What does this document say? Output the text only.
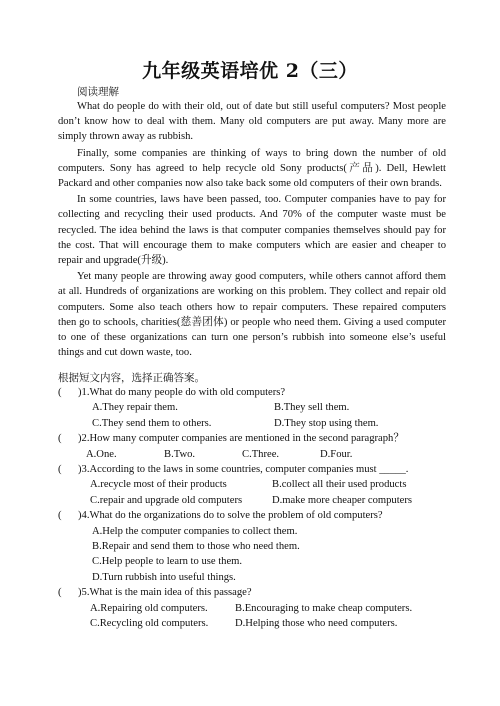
九年级英语培优 2（三）
阅读理解

What do people do with their old, out of date but still useful computers? Most people don’t know how to deal with them. Many old computers are put away. Many more are simply thrown away as rubbish.

Finally, some companies are thinking of ways to bring down the number of old computers. Sony has agreed to help recycle old Sony products(产品). Dell, Hewlett Packard and other companies now also take back some old computers of their own brands.

In some countries, laws have been passed, too. Computer companies have to pay for collecting and recycling their used products. And 70% of the computer waste must be recycled. The idea behind the laws is that computer companies themselves should pay for the cost. That will encourage them to make computers which are easier and cheaper to repair and upgrade(升级).

Yet many people are throwing away good computers, while others cannot afford them at all. Hundreds of organizations are working on this problem. They collect and repair old computers. Some also teach others how to repair computers. These repaired computers then go to schools, charities(慈善团体) or people who need them. Giving a used computer to one of these organizations can turn one person’s rubbish into someone else’s useful things and cut down waste, too.

根据短文内容，选择正确答案。
(	)1.What do many people do with old computers?
A.They repair them.	B.They sell them.
C.They send them to others.	D.They stop using them.
(	)2.How many computer companies are mentioned in the second paragraph？
A.One.	B.Two.	C.Three.	D.Four.
(	)3.According to the laws in some countries, computer companies must _____.
A.recycle most of their products	B.collect all their used products
C.repair and upgrade old computers	D.make more cheaper computers
(	)4.What do the organizations do to solve the problem of old computers?
A.Help the computer companies to collect them.
B.Repair and send them to those who need them.
C.Help people to learn to use them.
D.Turn rubbish into useful things.
(	)5.What is the main idea of this passage?
A.Repairing old computers.	B.Encouraging to make cheap computers.
C.Recycling old computers.	D.Helping those who need computers.
